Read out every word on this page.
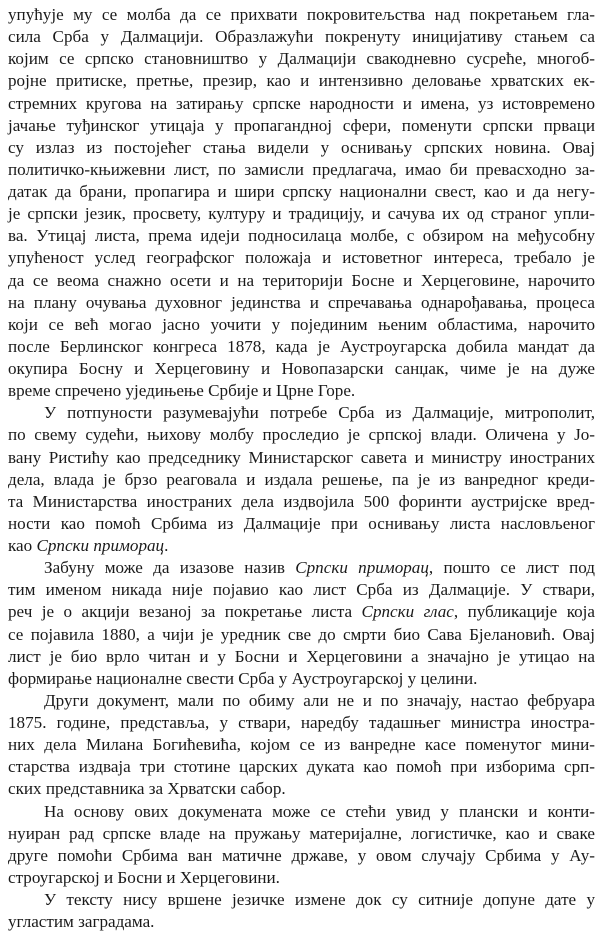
упућује му се молба да се прихвати покровитељства над покретањем гла-
сила Срба у Далмацији. Образлажући покренуту иницијативу стањем са
којим се српско становништво у Далмацији свакодневно сусреће, многоб-
ројне притиске, претње, презир, као и интензивно деловање хрватских ек-
стремних кругова на затирању српске народности и имена, уз истовремено
јачање туђинског утицаја у пропагандној сфери, поменути српски прваци
су излаз из постојећег стања видели у оснивању српских новина. Овај
политичко-књижевни лист, по замисли предлагача, имао би превасходно за-
датак да брани, пропагира и шири српску национални свест, као и да негу-
је српски језик, просвету, културу и традицију, и сачува их од страног упли-
ва. Утицај листа, према идеји подносилаца молбе, с обзиром на међусобну
упућеност услед географског положаја и истоветног интереса, требало је
да се веома снажно осети и на територији Босне и Херцеговине, нарочито
на плану очувања духовног јединства и спречавања однарођавања, процеса
који се већ могао јасно уочити у појединим њеним областима, нарочито
после Берлинског конгреса 1878, када је Аустроугарска добила мандат да
окупира Босну и Херцеговину и Новопазарски санџак, чиме је на дуже
време спречено уједињење Србије и Црне Горе.
У потпуности разумевајући потребе Срба из Далмације, митрополит,
по свему судећи, њихову молбу проследио је српској влади. Оличена у Јо-
вану Ристићу као председнику Министарског савета и министру иностраних
дела, влада је брзо реаговала и издала решење, па је из ванредног креди-
та Министарства иностраних дела издвојила 500 форинти аустријске вред-
ности као помоћ Србима из Далмације при оснивању листа насловљеног
као Српски приморац.
Забуну може да изазове назив Српски приморац, пошто се лист под
тим именом никада није појавио као лист Срба из Далмације. У ствари,
реч је о акцији везаној за покретање листа Српски глас, публикације која
се појавила 1880, а чији је уредник све до смрти био Сава Бјелановић. Овај
лист је био врло читан и у Босни и Херцеговини а значајно је утицао на
формирање националне свести Срба у Аустроугарској у целини.
Други документ, мали по обиму али не и по значају, настао фебруара
1875. године, представља, у ствари, наредбу тадашњег министра иностра-
них дела Милана Богићевића, којом се из ванредне касе поменутог мини-
старства издваја три стотине царских дуката као помоћ при изборима срп-
ских представника за Хрватски сабор.
На основу ових докумената може се стећи увид у плански и конти-
нуиран рад српске владе на пружању материјалне, логистичке, као и сваке
друге помоћи Србима ван матичне државе, у овом случају Србима у Ау-
строугарској и Босни и Херцеговини.
У тексту нису вршене језичке измене док су ситније допуне дате у
угластим заградама.
